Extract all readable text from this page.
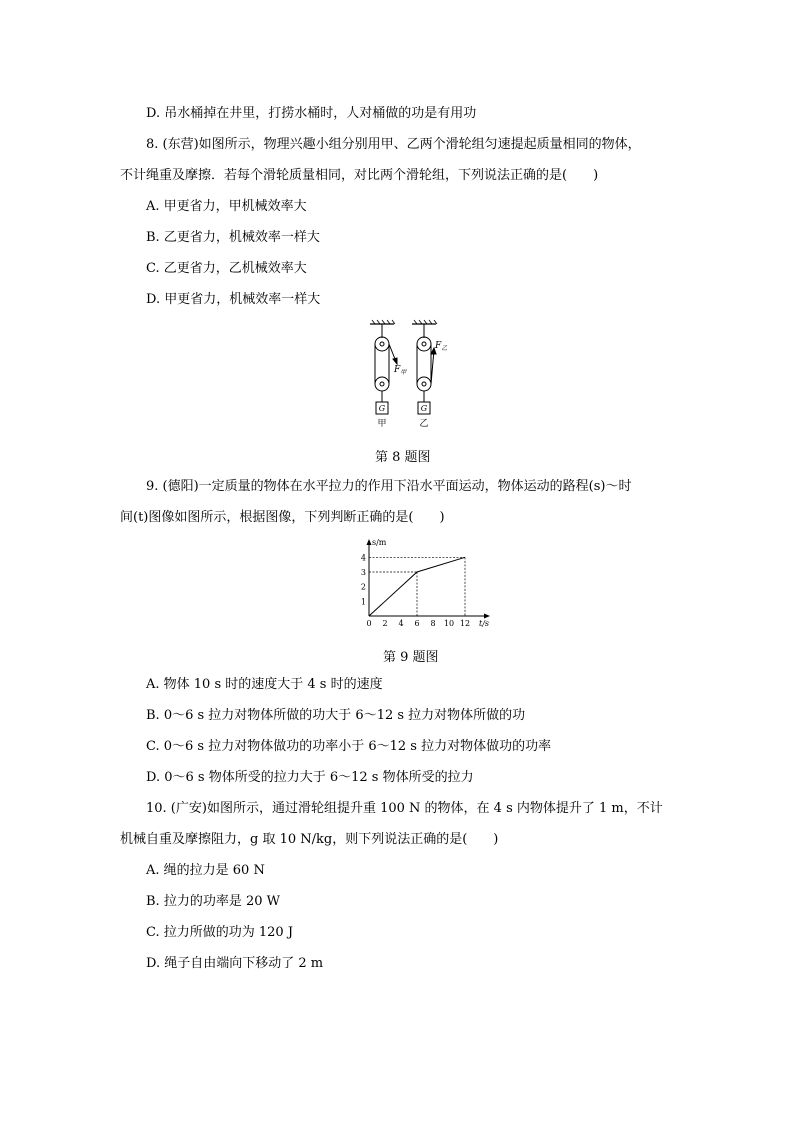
D. 吊水桶掉在井里，打捞水桶时，人对桶做的功是有用功
8. (东营)如图所示，物理兴趣小组分别用甲、乙两个滑轮组匀速提起质量相同的物体，
不计绳重及摩擦．若每个滑轮质量相同，对比两个滑轮组，下列说法正确的是(　　)
A. 甲更省力，甲机械效率大
B. 乙更省力，机械效率一样大
C. 乙更省力，乙机械效率大
D. 甲更省力，机械效率一样大
$F_甲$
$F_乙$
G	G
甲	乙
第 8 题图
9. (德阳)一定质量的物体在水平拉力的作用下沿水平面运动，物体运动的路程(s)～时
间(t)图像如图所示，根据图像，下列判断正确的是(　　)
s/m
t/s
0 2 4 6 8 10 12
1
2
3
4
第 9 题图
A. 物体 10 s 时的速度大于 4 s 时的速度
B. 0～6 s 拉力对物体所做的功大于 6～12 s 拉力对物体所做的功
C. 0～6 s 拉力对物体做功的功率小于 6～12 s 拉力对物体做功的功率
D. 0～6 s 物体所受的拉力大于 6～12 s 物体所受的拉力
10. (广安)如图所示，通过滑轮组提升重 100 N 的物体，在 4 s 内物体提升了 1 m，不计
机械自重及摩擦阻力，g 取 10 N/kg，则下列说法正确的是(　　)
A. 绳的拉力是 60 N
B. 拉力的功率是 20 W
C. 拉力所做的功为 120 J
D. 绳子自由端向下移动了 2 m
